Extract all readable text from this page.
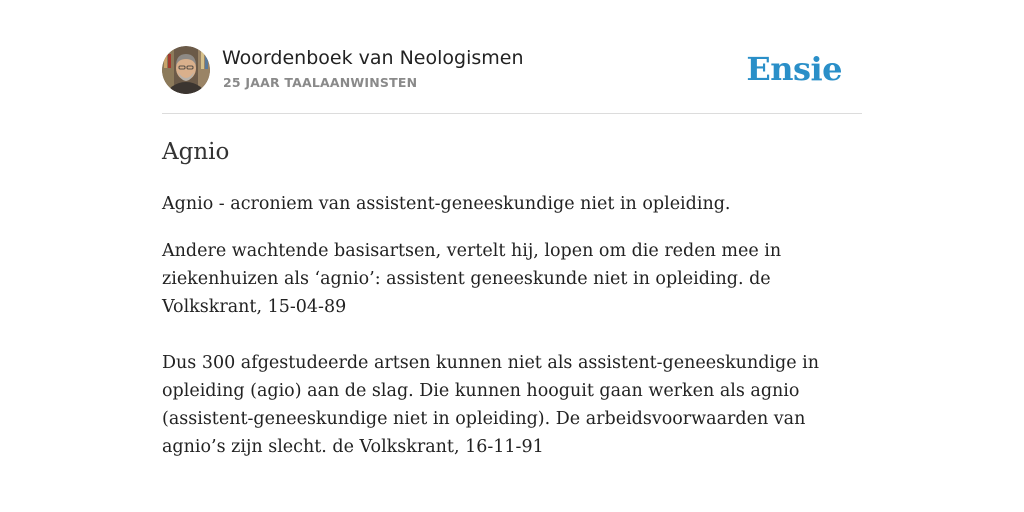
Woordenboek van Neologismen
25 JAAR TAALAANWINSTEN	Ensie
Agnio

Agnio - acroniem van assistent-geneeskundige niet in opleiding.

Andere wachtende basisartsen, vertelt hij, lopen om die reden mee in ziekenhuizen als ‘agnio’: assistent geneeskunde niet in opleiding. de Volkskrant, 15-04-89

Dus 300 afgestudeerde artsen kunnen niet als assistent-geneeskundige in opleiding (agio) aan de slag. Die kunnen hooguit gaan werken als agnio (assistent-geneeskundige niet in opleiding). De arbeidsvoorwaarden van agnio’s zijn slecht. de Volkskrant, 16-11-91
